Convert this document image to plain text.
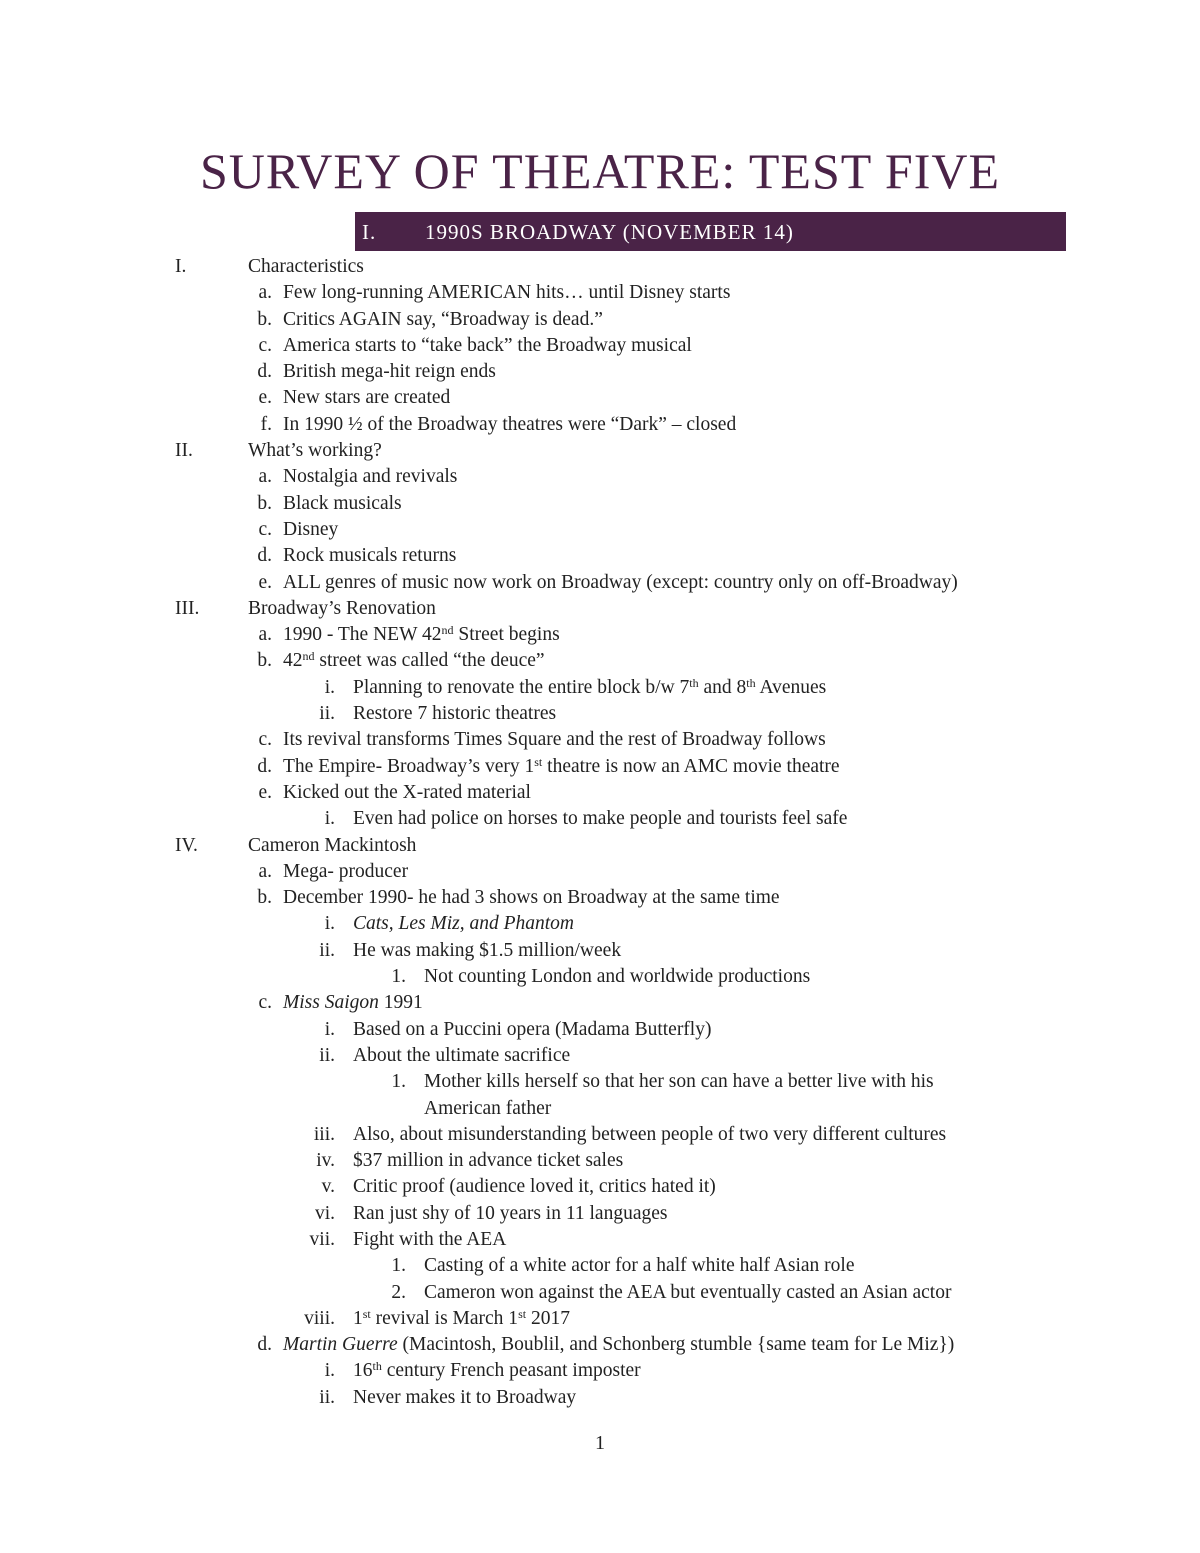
SURVEY OF THEATRE: TEST FIVE
I. 1990S BROADWAY (NOVEMBER 14)
I.	Characteristics
a. Few long-running AMERICAN hits… until Disney starts
b. Critics AGAIN say, “Broadway is dead.”
c. America starts to “take back” the Broadway musical
d. British mega-hit reign ends
e. New stars are created
f. In 1990 ½ of the Broadway theatres were “Dark” – closed
II.	What’s working?
a. Nostalgia and revivals
b. Black musicals
c. Disney
d. Rock musicals returns
e. ALL genres of music now work on Broadway (except: country only on off-Broadway)
III. Broadway’s Renovation
a. 1990 - The NEW 42nd Street begins
b. 42nd street was called “the deuce”
i. Planning to renovate the entire block b/w 7th and 8th Avenues
ii. Restore 7 historic theatres
c. Its revival transforms Times Square and the rest of Broadway follows
d. The Empire- Broadway’s very 1st theatre is now an AMC movie theatre
e. Kicked out the X-rated material
i. Even had police on horses to make people and tourists feel safe
IV.	Cameron Mackintosh
a. Mega- producer
b. December 1990- he had 3 shows on Broadway at the same time
i. Cats, Les Miz, and Phantom
ii. He was making $1.5 million/week
1. Not counting London and worldwide productions
c. Miss Saigon 1991
i. Based on a Puccini opera (Madama Butterfly)
ii. About the ultimate sacrifice
1. Mother kills herself so that her son can have a better live with his
American father
iii. Also, about misunderstanding between people of two very different cultures
iv. $37 million in advance ticket sales
v. Critic proof (audience loved it, critics hated it)
vi. Ran just shy of 10 years in 11 languages
vii. Fight with the AEA
1. Casting of a white actor for a half white half Asian role
2. Cameron won against the AEA but eventually casted an Asian actor
viii. 1st revival is March 1st 2017
d. Martin Guerre (Macintosh, Boublil, and Schonberg stumble {same team for Le Miz})
i. 16th century French peasant imposter
ii. Never makes it to Broadway
1
